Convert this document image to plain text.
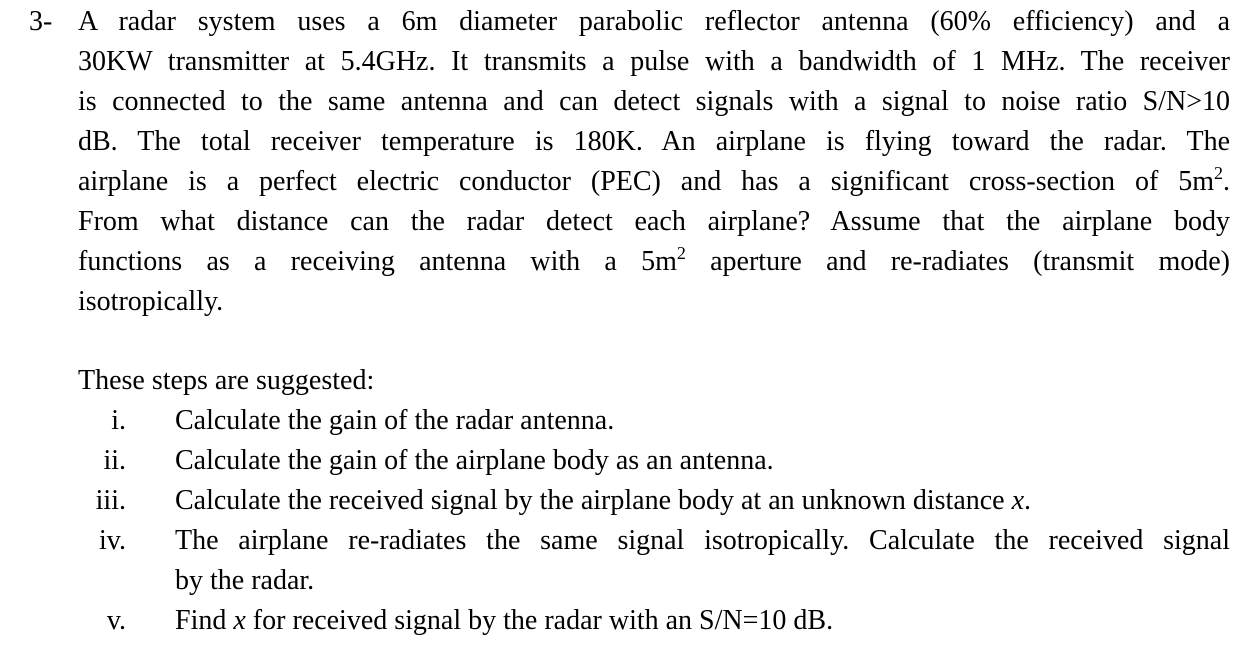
3- A radar system uses a 6m diameter parabolic reflector antenna (60% efficiency) and a
30KW transmitter at 5.4GHz. It transmits a pulse with a bandwidth of 1 MHz. The receiver
is connected to the same antenna and can detect signals with a signal to noise ratio S/N>10
dB. The total receiver temperature is 180K. An airplane is flying toward the radar. The
airplane is a perfect electric conductor (PEC) and has a significant cross-section of $5m^2$.
From what distance can the radar detect each airplane? Assume that the airplane body
functions as a receiving antenna with a $5m^2$ aperture and re-radiates (transmit mode)
isotropically.
These steps are suggested:
i. Calculate the gain of the radar antenna.
ii. Calculate the gain of the airplane body as an antenna.
iii. Calculate the received signal by the airplane body at an unknown distance x.
iv. The airplane re-radiates the same signal isotropically. Calculate the received signal
by the radar.
v. Find x for received signal by the radar with an S/N=10 dB.
